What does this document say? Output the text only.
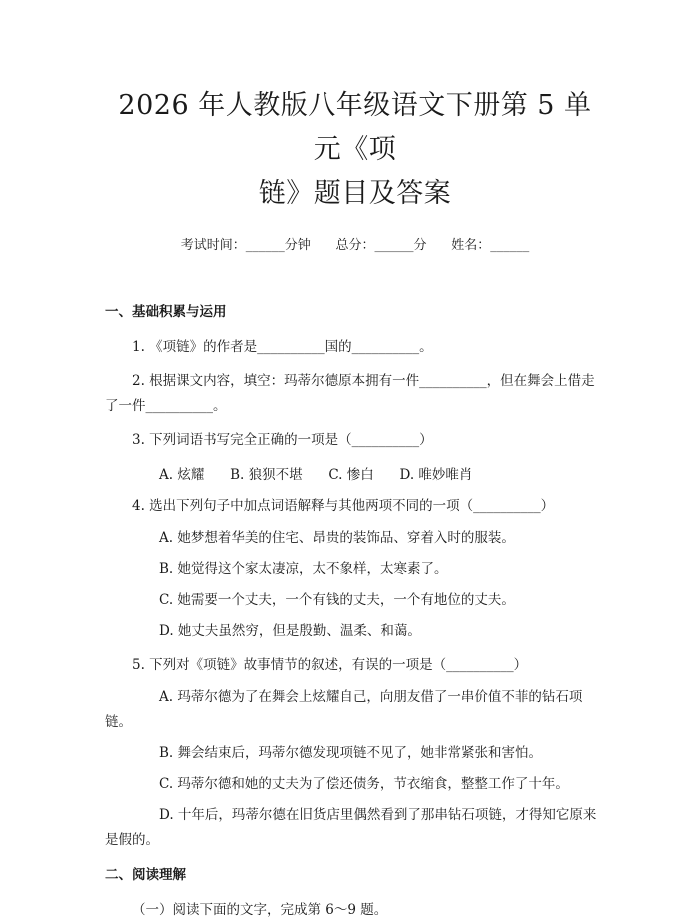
2026 年人教版八年级语文下册第 5 单元《项
链》题目及答案

考试时间：______分钟      总分：______分      姓名：______

一、基础积累与运用

1. 《项链》的作者是__________国的__________。

2. 根据课文内容，填空：玛蒂尔德原本拥有一件__________，但在舞会上借走了一件__________。

3. 下列词语书写完全正确的一项是（__________）

A. 炫耀      B. 狼狈不堪      C. 惨白      D. 唯妙唯肖

4. 选出下列句子中加点词语解释与其他两项不同的一项（__________）

A. 她梦想着华美的住宅、昂贵的装饰品、穿着入时的服装。

B. 她觉得这个家太凄凉，太不象样，太寒素了。

C. 她需要一个丈夫，一个有钱的丈夫，一个有地位的丈夫。

D. 她丈夫虽然穷，但是殷勤、温柔、和蔼。

5. 下列对《项链》故事情节的叙述，有误的一项是（__________）

A. 玛蒂尔德为了在舞会上炫耀自己，向朋友借了一串价值不菲的钻石项链。

B. 舞会结束后，玛蒂尔德发现项链不见了，她非常紧张和害怕。

C. 玛蒂尔德和她的丈夫为了偿还债务，节衣缩食，整整工作了十年。

D. 十年后，玛蒂尔德在旧货店里偶然看到了那串钻石项链，才得知它原来是假的。

二、阅读理解

（一）阅读下面的文字，完成第 6～9 题。
